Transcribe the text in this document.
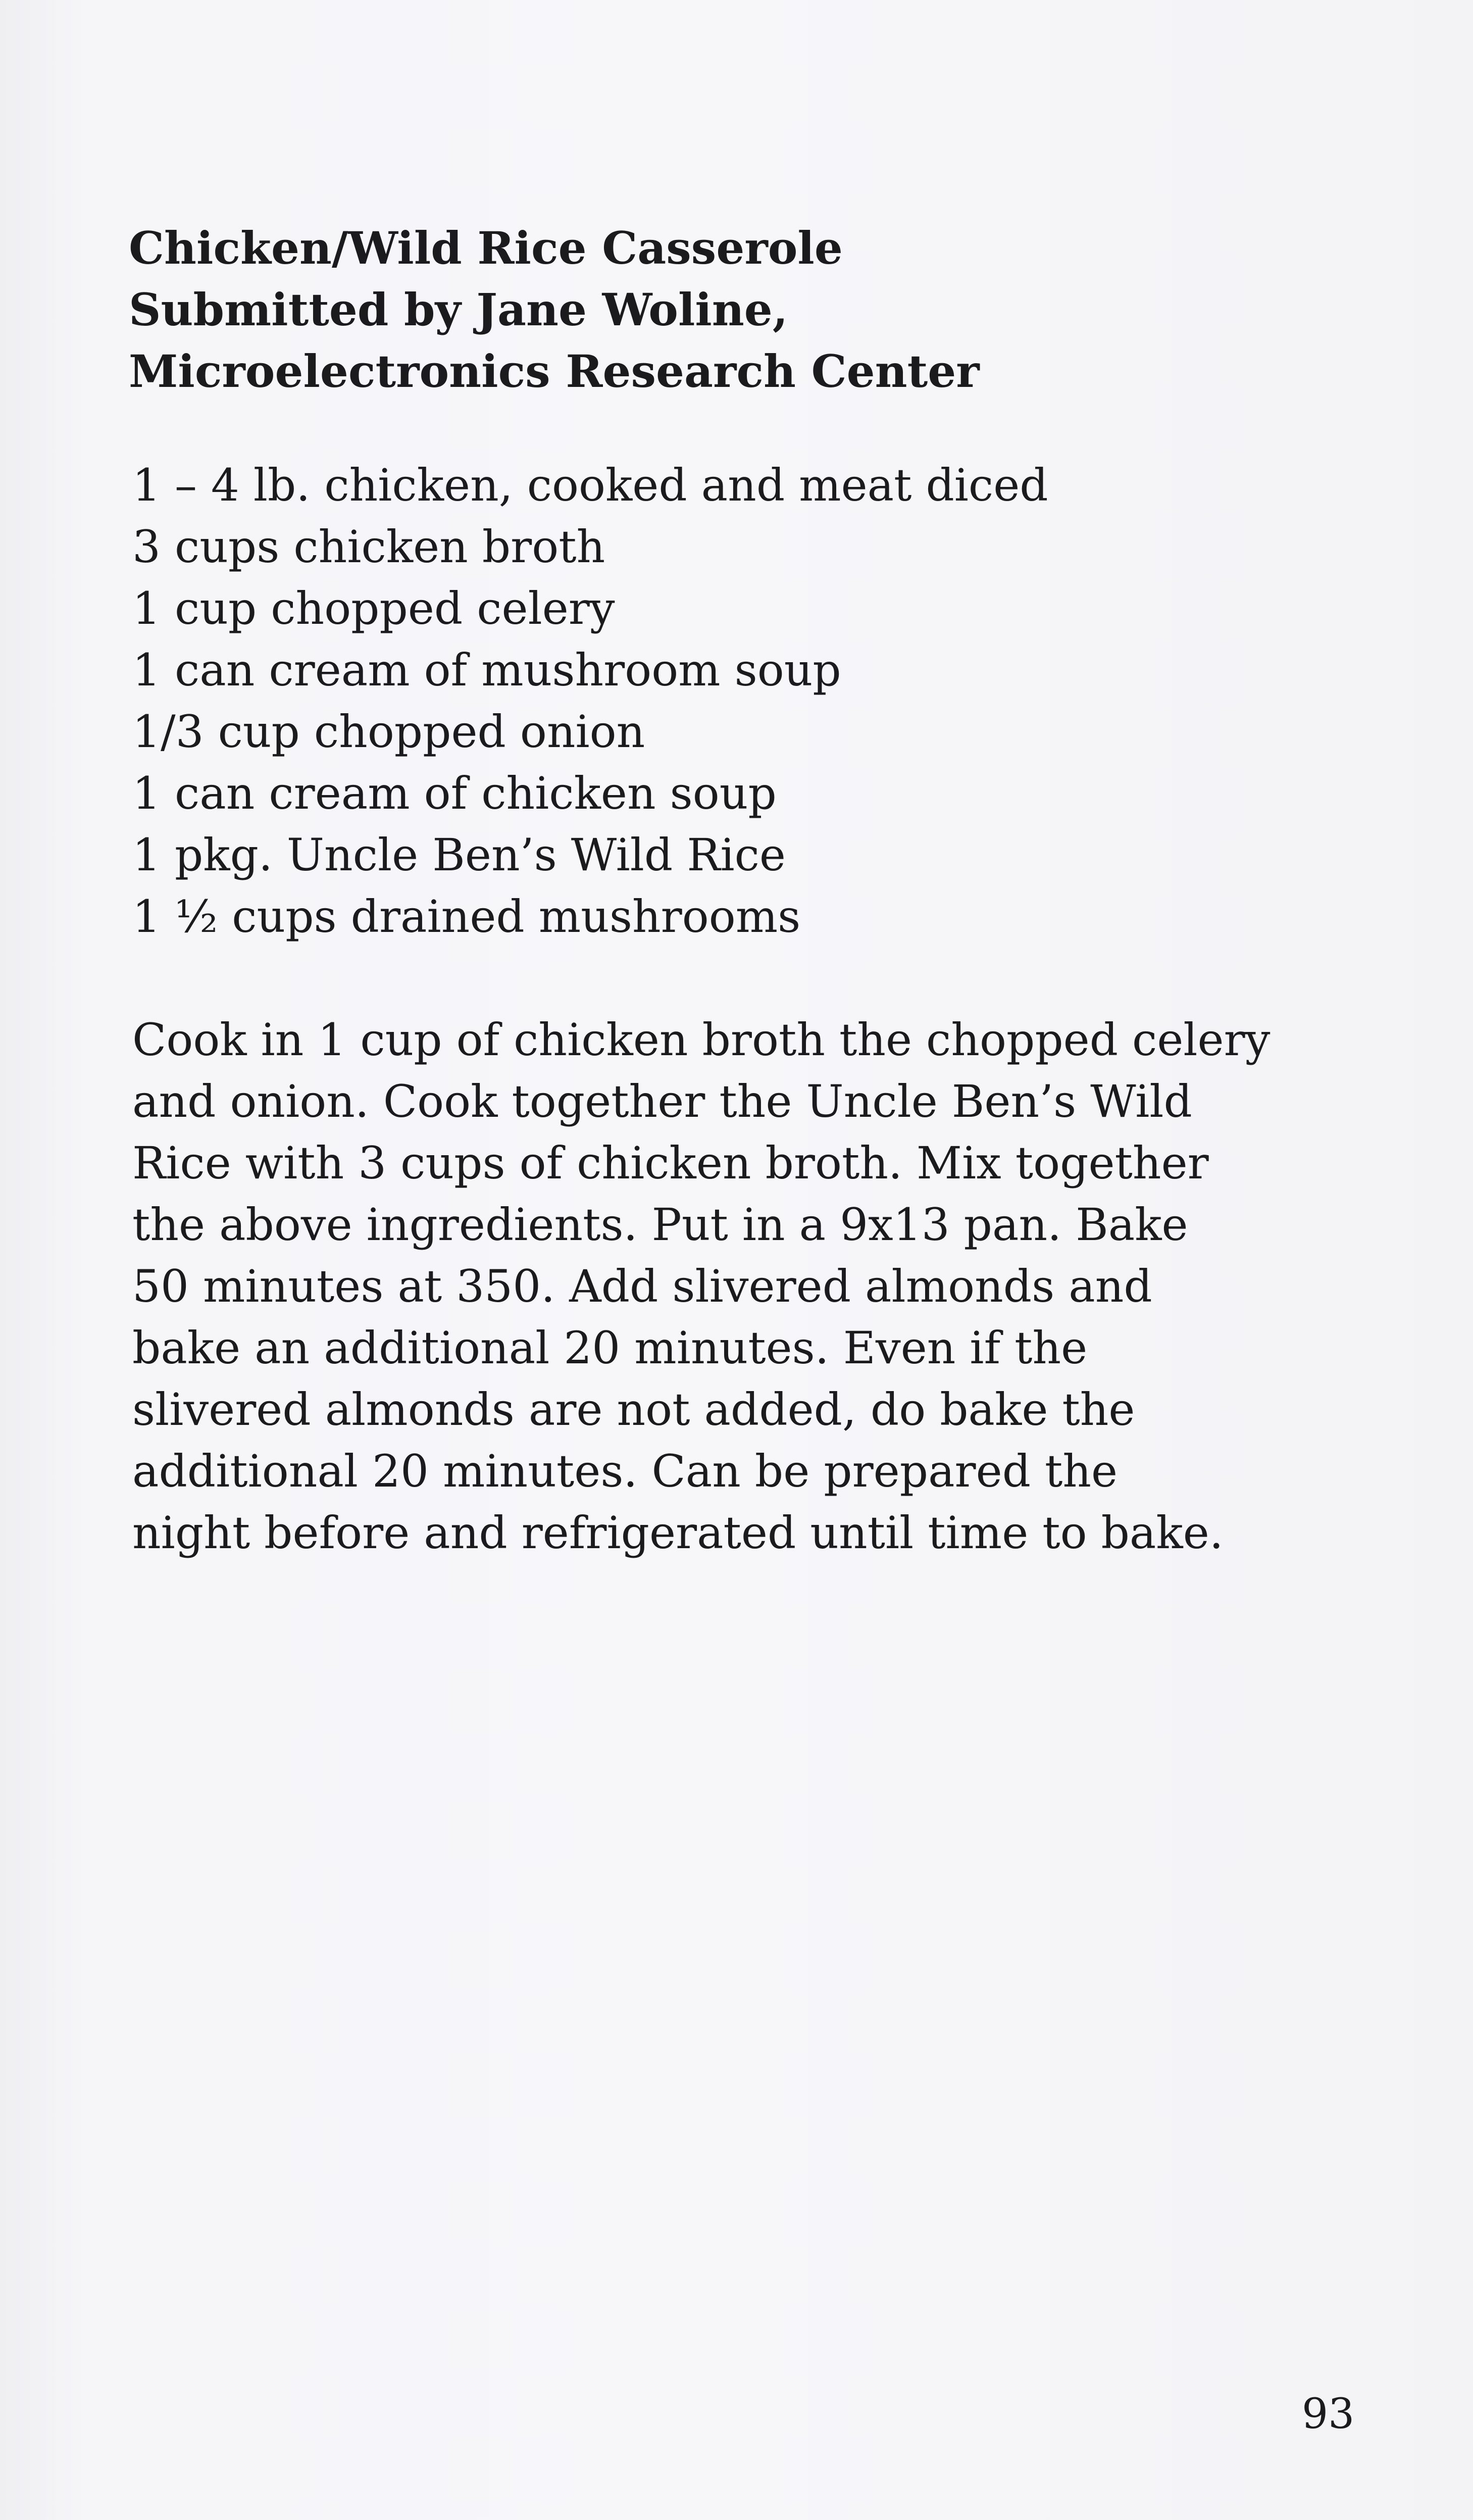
Chicken/Wild Rice Casserole
Submitted by Jane Woline,
Microelectronics Research Center
1 – 4 lb. chicken, cooked and meat diced
3 cups chicken broth
1 cup chopped celery
1 can cream of mushroom soup
1/3 cup chopped onion
1 can cream of chicken soup
1 pkg. Uncle Ben’s Wild Rice
1 ½ cups drained mushrooms
Cook in 1 cup of chicken broth the chopped celery
and onion. Cook together the Uncle Ben’s Wild
Rice with 3 cups of chicken broth. Mix together
the above ingredients. Put in a 9x13 pan. Bake
50 minutes at 350. Add slivered almonds and
bake an additional 20 minutes. Even if the
slivered almonds are not added, do bake the
additional 20 minutes. Can be prepared the
night before and refrigerated until time to bake.
93
